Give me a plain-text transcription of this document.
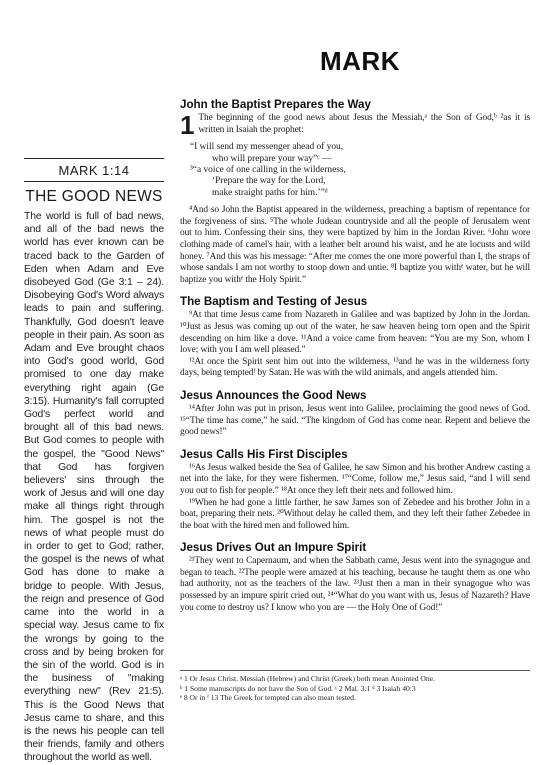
MARK
MARK 1:14
THE GOOD NEWS

The world is full of bad news, and all of the bad news the world has ever known can be traced back to the Garden of Eden when Adam and Eve disobeyed God (Ge 3:1 – 24). Disobeying God's Word always leads to pain and suffering. Thankfully, God doesn't leave people in their pain. As soon as Adam and Eve brought chaos into God's good world, God promised to one day make everything right again (Ge 3:15). Humanity's fall corrupted God's perfect world and brought all of this bad news. But God comes to people with the gospel, the "Good News" that God has forgiven believers' sins through the work of Jesus and will one day make all things right through him. The gospel is not the news of what people must do in order to get to God; rather, the gospel is the news of what God has done to make a bridge to people. With Jesus, the reign and presence of God came into the world in a special way. Jesus came to fix the wrongs by going to the cross and by being broken for the sin of the world. God is in the business of "making everything new" (Rev 21:5). This is the Good News that Jesus came to share, and this is the news his people can tell their friends, family and others throughout the world as well.

John the Baptist Prepares the Way

1 The beginning of the good news about Jesus the Messiah,ᵃ the Son of God,ᵇ ²as it is written in Isaiah the prophet:

“I will send my messenger ahead of you,
who will prepare your way”ᶜ —
³“a voice of one calling in the wilderness,
‘Prepare the way for the Lord,
make straight paths for him.’”ᵈ

⁴And so John the Baptist appeared in the wilderness, preaching a baptism of repentance for the forgiveness of sins. ⁵The whole Judean countryside and all the people of Jerusalem went out to him. Confessing their sins, they were baptized by him in the Jordan River. ⁶John wore clothing made of camel's hair, with a leather belt around his waist, and he ate locusts and wild honey. ⁷And this was his message: “After me comes the one more powerful than I, the straps of whose sandals I am not worthy to stoop down and untie. ⁸I baptize you withᵉ water, but he will baptize you withᵉ the Holy Spirit.”

The Baptism and Testing of Jesus

⁹At that time Jesus came from Nazareth in Galilee and was baptized by John in the Jordan. ¹⁰Just as Jesus was coming up out of the water, he saw heaven being torn open and the Spirit descending on him like a dove. ¹¹And a voice came from heaven: “You are my Son, whom I love; with you I am well pleased.”

¹²At once the Spirit sent him out into the wilderness, ¹³and he was in the wilderness forty days, being temptedᶠ by Satan. He was with the wild animals, and angels attended him.

Jesus Announces the Good News

¹⁴After John was put in prison, Jesus went into Galilee, proclaiming the good news of God. ¹⁵“The time has come,” he said. “The kingdom of God has come near. Repent and believe the good news!”

Jesus Calls His First Disciples

¹⁶As Jesus walked beside the Sea of Galilee, he saw Simon and his brother Andrew casting a net into the lake, for they were fishermen. ¹⁷“Come, follow me,” Jesus said, “and I will send you out to fish for people.” ¹⁸At once they left their nets and followed him.

¹⁹When he had gone a little farther, he saw James son of Zebedee and his brother John in a boat, preparing their nets. ²⁰Without delay he called them, and they left their father Zebedee in the boat with the hired men and followed him.

Jesus Drives Out an Impure Spirit

²¹They went to Capernaum, and when the Sabbath came, Jesus went into the synagogue and began to teach. ²²The people were amazed at his teaching, because he taught them as one who had authority, not as the teachers of the law. ²³Just then a man in their synagogue who was possessed by an impure spirit cried out, ²⁴“What do you want with us, Jesus of Nazareth? Have you come to destroy us? I know who you are — the Holy One of God!”

ᵃ 1 Or Jesus Christ. Messiah (Hebrew) and Christ (Greek) both mean Anointed One.
ᵇ 1 Some manuscripts do not have the Son of God. ᶜ 2 Mal. 3:1 ᵈ 3 Isaiah 40:3
ᵉ 8 Or in ᶠ 13 The Greek for tempted can also mean tested.
